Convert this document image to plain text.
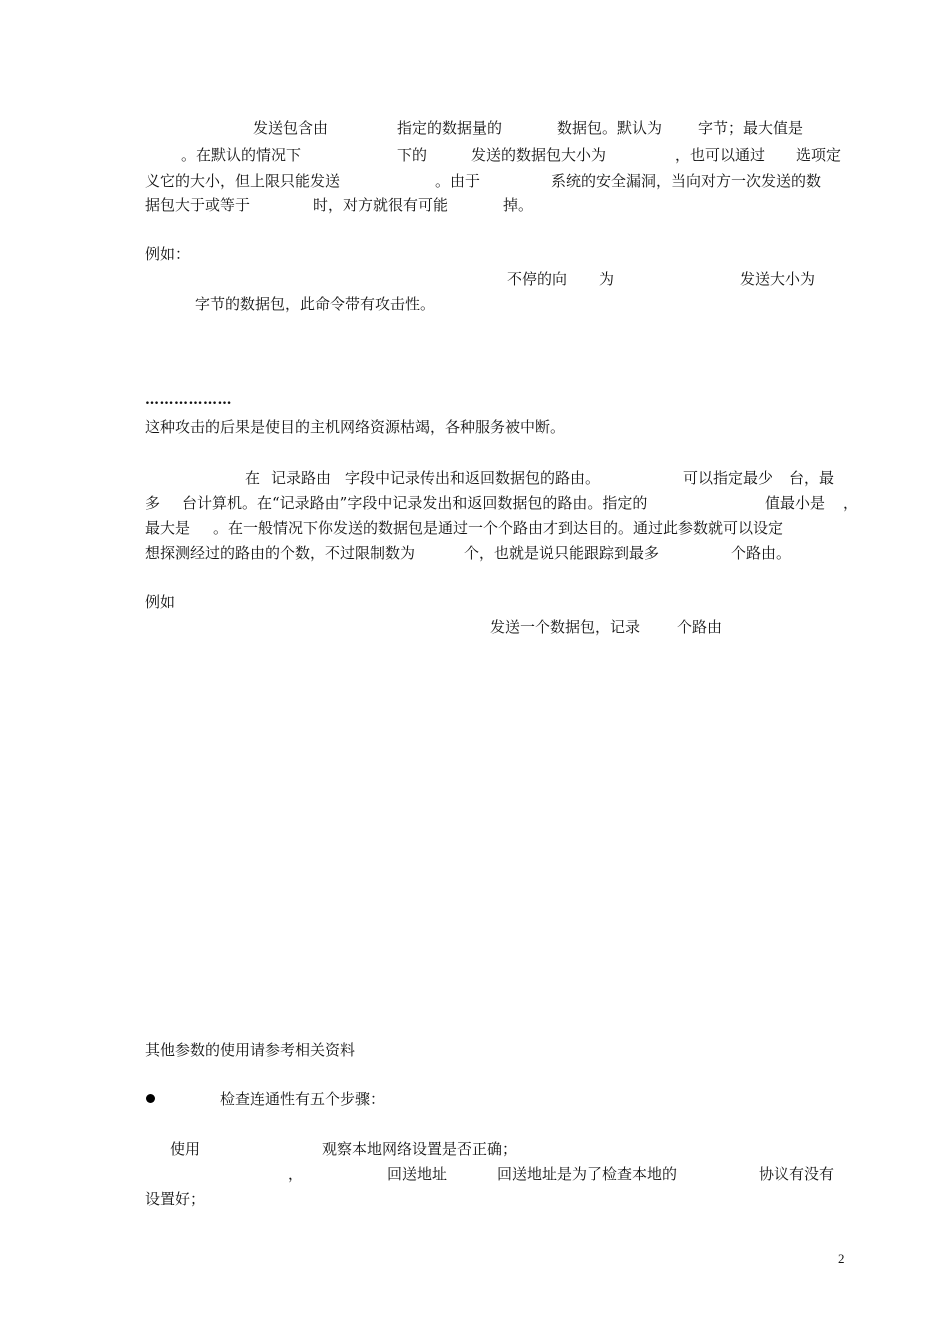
发送包含由	指定的数据量的	数据包。默认为 字节；最大值是
。在默认的情况下	下的	发送的数据包大小为	，也可以通过 选项定
义它的大小，但上限只能发送	。由于	系统的安全漏洞，当向对方一次发送的数
据包大于或等于	时，对方就很有可能	掉。
例如：
不停的向 为	发送大小为
字节的数据包，此命令带有攻击性。
………………
这种攻击的后果是使目的主机网络资源枯竭，各种服务被中断。
在 记录路由 字段中记录传出和返回数据包的路由。	可以指定最少 台，最
多 台计算机。在“记录路由”字段中记录发出和返回数据包的路由。指定的	值最小是 ，
最大是 。在一般情况下你发送的数据包是通过一个个路由才到达目的。通过此参数就可以设定
想探测经过的路由的个数，不过限制数为	个，也就是说只能跟踪到最多	个路由。
例如
发送一个数据包，记录 个路由
其他参数的使用请参考相关资料
检查连通性有五个步骤：
使用	观察本地网络设置是否正确；
，	回送地址	回送地址是为了检查本地的	协议有没有
设置好；
2
